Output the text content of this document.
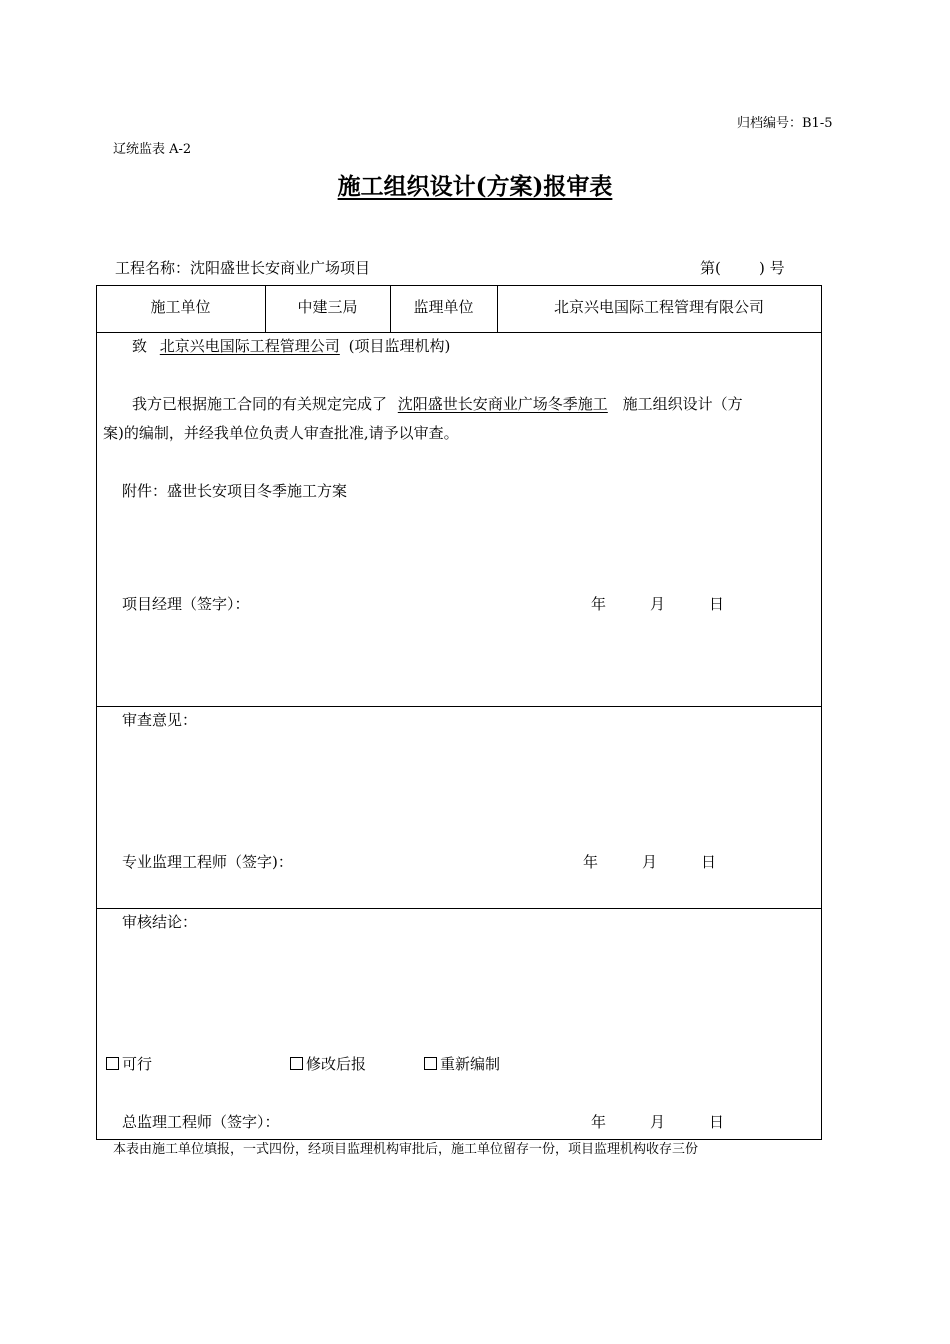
归档编号：B1-5
辽统监表 A-2
施工组织设计(方案)报审表
工程名称：沈阳盛世长安商业广场项目	第(        ) 号
施工单位	中建三局	监理单位	北京兴电国际工程管理有限公司
致 北京兴电国际工程管理公司 (项目监理机构)
我方已根据施工合同的有关规定完成了 沈阳盛世长安商业广场冬季施工 施工组织设计（方
案)的编制，并经我单位负责人审查批准,请予以审查。
附件：盛世长安项目冬季施工方案
项目经理（签字）：	年	月	日
审查意见：
专业监理工程师（签字)：	年	月	日
审核结论：
可行	修改后报	重新编制
总监理工程师（签字）：	年	月	日
本表由施工单位填报，一式四份，经项目监理机构审批后，施工单位留存一份，项目监理机构收存三份
